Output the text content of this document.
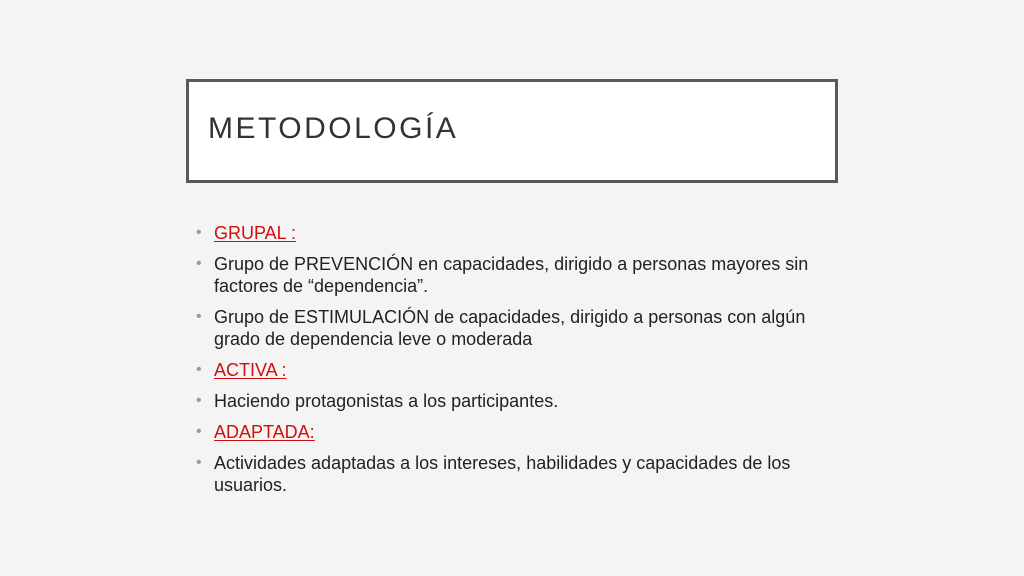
METODOLOGÍA
• GRUPAL :
• Grupo de PREVENCIÓN en capacidades, dirigido a personas mayores sin factores de “dependencia”.
• Grupo de ESTIMULACIÓN de capacidades, dirigido a personas con algún grado de dependencia leve o moderada
• ACTIVA :
• Haciendo protagonistas a los participantes.
• ADAPTADA:
• Actividades adaptadas a los intereses, habilidades y capacidades de los usuarios.
